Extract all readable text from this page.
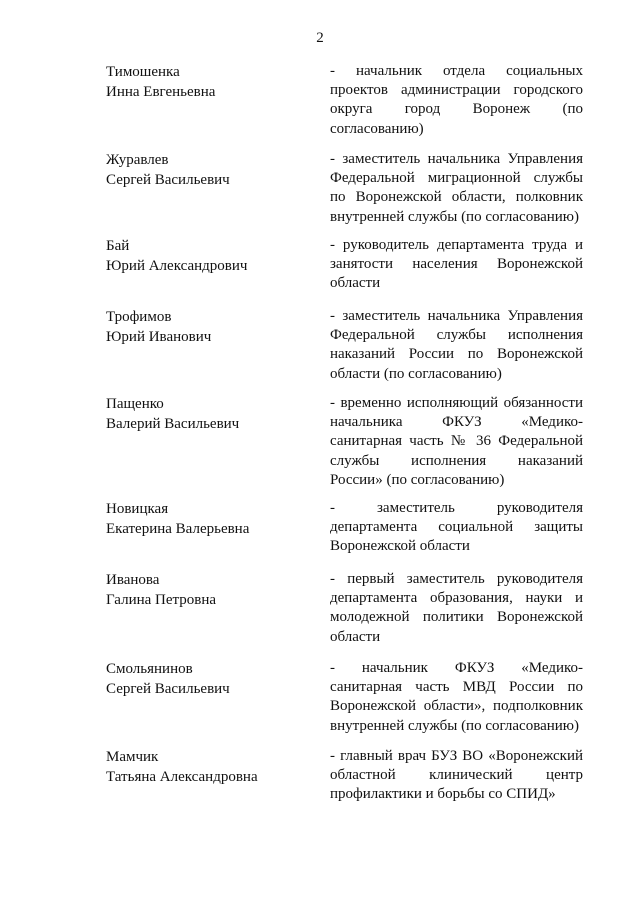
2
Тимошенка
Инна Евгеньевна
- начальник отдела социальных проектов администрации городского округа город Воронеж (по согласованию)
Журавлев
Сергей Васильевич
- заместитель начальника Управления Федеральной миграционной службы по Воронежской области, полковник внутренней службы (по согласованию)
Бай
Юрий Александрович
- руководитель департамента труда и занятости населения Воронежской области
Трофимов
Юрий Иванович
- заместитель начальника Управления Федеральной службы исполнения наказаний России по Воронежской области (по согласованию)
Пащенко
Валерий Васильевич
- временно исполняющий обязанности начальника ФКУЗ «Медико-санитарная часть № 36 Федеральной службы исполнения наказаний России» (по согласованию)
Новицкая
Екатерина Валерьевна
- заместитель руководителя департамента социальной защиты Воронежской области
Иванова
Галина Петровна
- первый заместитель руководителя департамента образования, науки и молодежной политики Воронежской области
Смольянинов
Сергей Васильевич
- начальник ФКУЗ «Медико-санитарная часть МВД России по Воронежской области», подполковник внутренней службы (по согласованию)
Мамчик
Татьяна Александровна
- главный врач БУЗ ВО «Воронежский областной клинический центр профилактики и борьбы со СПИД»
